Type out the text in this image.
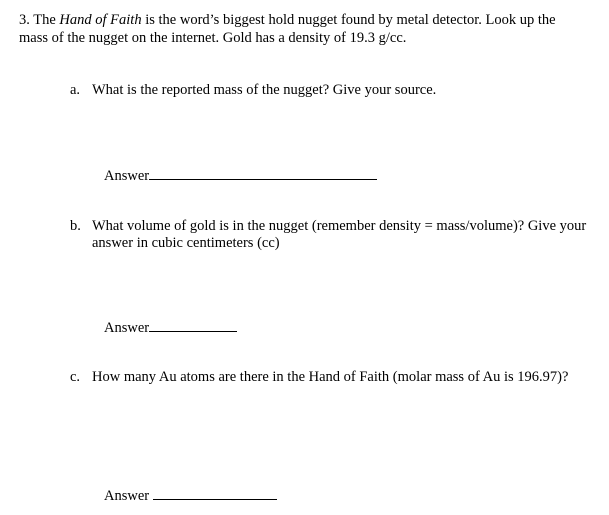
3. The Hand of Faith is the word’s biggest hold nugget found by metal detector. Look up the
mass of the nugget on the internet. Gold has a density of 19.3 g/cc.
a. What is the reported mass of the nugget? Give your source.
Answer
b. What volume of gold is in the nugget (remember density = mass/volume)? Give your
answer in cubic centimeters (cc)
Answer
c. How many Au atoms are there in the Hand of Faith (molar mass of Au is 196.97)?
Answer
